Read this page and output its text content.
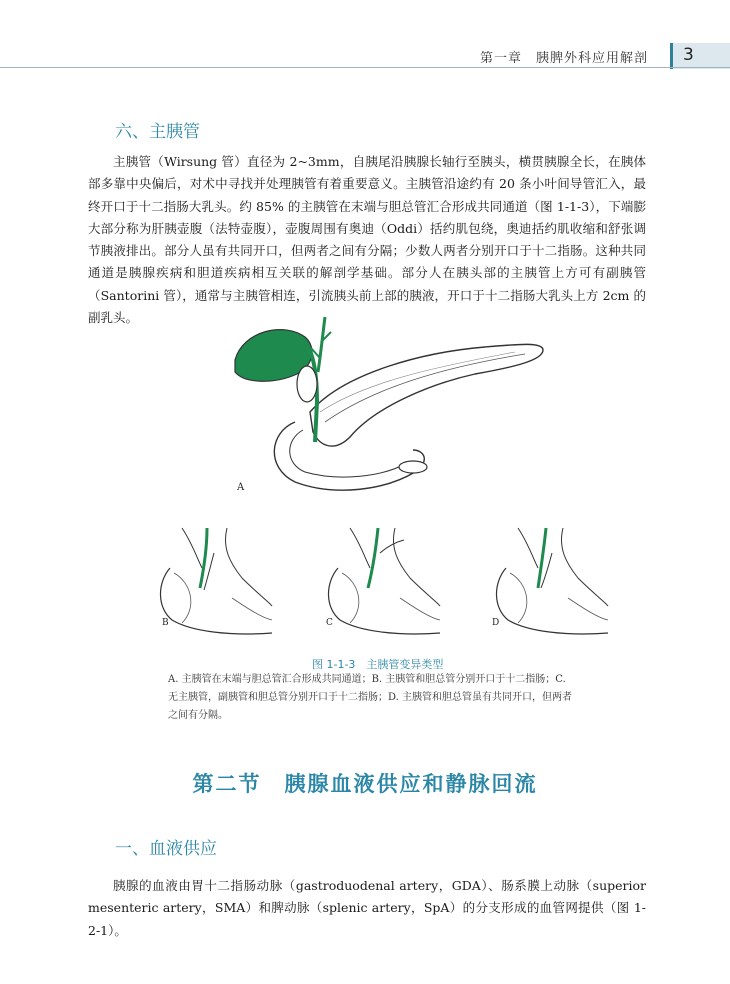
第一章　胰脾外科应用解剖 3
六、主胰管

主胰管（Wirsung 管）直径为 2~3mm，自胰尾沿胰腺长轴行至胰头，横贯胰腺全长，在胰体部多靠中央偏后，对术中寻找并处理胰管有着重要意义。主胰管沿途约有 20 条小叶间导管汇入，最终开口于十二指肠大乳头。约 85% 的主胰管在末端与胆总管汇合形成共同通道（图 1-1-3），下端膨大部分称为肝胰壶腹（法特壶腹），壶腹周围有奥迪（Oddi）括约肌包绕，奥迪括约肌收缩和舒张调节胰液排出。部分人虽有共同开口，但两者之间有分隔；少数人两者分别开口于十二指肠。这种共同通道是胰腺疾病和胆道疾病相互关联的解剖学基础。部分人在胰头部的主胰管上方可有副胰管（Santorini 管），通常与主胰管相连，引流胰头前上部的胰液，开口于十二指肠大乳头上方 2cm 的副乳头。

A
B	C	D
图 1-1-3　主胰管变异类型

A. 主胰管在末端与胆总管汇合形成共同通道；B. 主胰管和胆总管分别开口于十二指肠；C. 无主胰管，副胰管和胆总管分别开口于十二指肠；D. 主胰管和胆总管虽有共同开口，但两者之间有分隔。

第二节　胰腺血液供应和静脉回流
一、血液供应

胰腺的血液由胃十二指肠动脉（gastroduodenal artery，GDA）、肠系膜上动脉（superior mesenteric artery，SMA）和脾动脉（splenic artery，SpA）的分支形成的血管网提供（图 1-2-1）。
